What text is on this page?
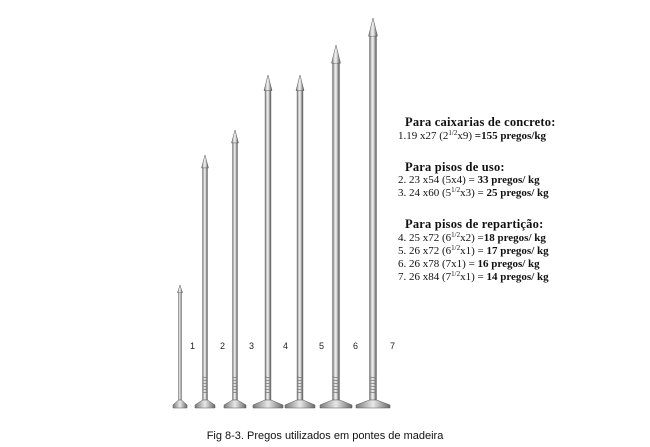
1	2	3	4	5	6	7
Para caixarias de concreto:
1.19 x27 $(2^{1/2}x9) =155$ pregos/kg
Para pisos de uso:
2. 23 x54 (5x4) = 33 pregos/ kg
3. 24 x60 $(5^{1/2}x3) = 25$ pregos/ kg
Para pisos de repartição:
4. 25 x72 $(6^{1/2}x2) =18$ pregos/ kg
5. 26 x72 $(6^{1/2}x1) = 17$ pregos/ kg
6. 26 x78 (7x1) = 16 pregos/ kg
7. 26 x84 $(7^{1/2}x1) = 14$ pregos/ kg
Fig 8-3. Pregos utilizados em pontes de madeira
